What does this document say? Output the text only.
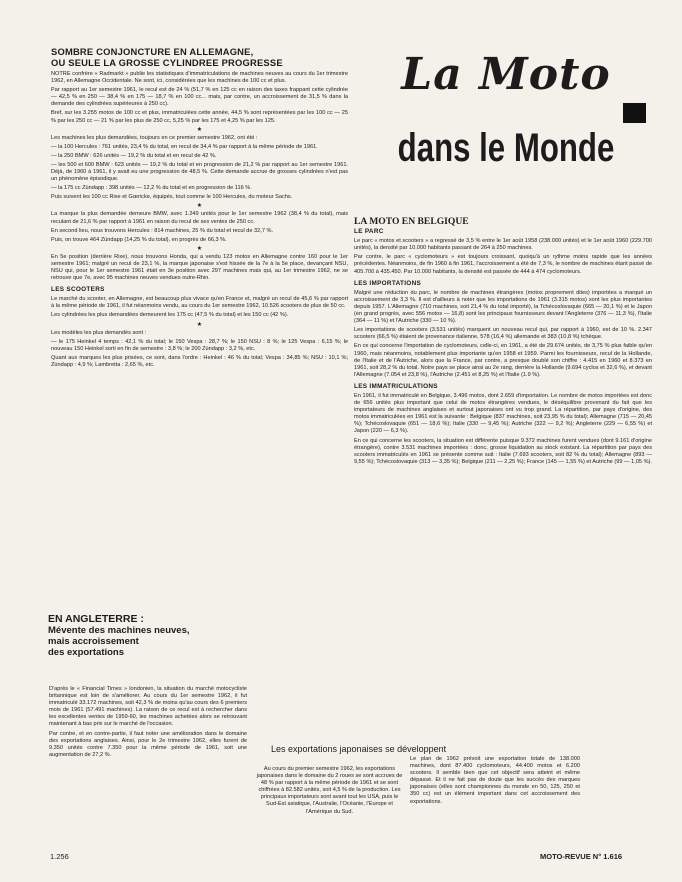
SOMBRE CONJONCTURE EN ALLEMAGNE,
OU SEULE LA GROSSE CYLINDREE PROGRESSE

NOTRE confrère « Radmarkt » publie les statistiques d'immatriculations de machines neuves au cours du 1er trimestre 1962, en Allemagne Occidentale. Ne sont, ici, considérées que les machines de 100 cc et plus.

Par rapport au 1er semestre 1961, le recul est de 24 % (51,7 % en 125 cc en raison des taxes frappant cette cylindrée — 42,5 % en 250 — 38,4 % en 175 — 18,7 % en 100 cc... mais, par contre, un accroissement de 31,5 % dans la demande des cylindrées supérieures à 250 cc).

Bref, sur les 3.255 motos de 100 cc et plus, immatriculées cette année, 44,5 % sont représentées par les 100 cc — 25 % par les 250 cc — 21 % par les plus de 250 cc, 5,25 % par les 175 et 4,25 % par les 125.

★

Les machines les plus demandées, toujours en ce premier semestre 1962, ont été :

— la 100 Hercules : 761 unités, 23,4 % du total, en recul de 34,4 % par rapport à la même période de 1961.

— la 250 BMW : 626 unités — 19,2 % du total et en recul de 42 %.

— les 500 et 600 BMW : 623 unités — 19,2 % du total et en progression de 21,2 % par rapport au 1er semestre 1961. Déjà, de 1960 à 1961, il y avait eu une progression de 48,5 %. Cette demande accrue de grosses cylindrées n'est pas un phénomène épisodique.

— la 175 cc Zündapp : 398 unités — 12,2 % du total et en progression de 116 %.

Puis suivent les 100 cc Rixe et Gœricke, équipés, tout comme le 100 Hercules, du moteur Sachs.

★

La marque la plus demandée demeure BMW, avec 1.249 unités pour le 1er semestre 1962 (38,4 % du total), mais reculant de 21,6 % par rapport à 1961 en raison du recul de ses ventes de 250 cc.

En second lieu, nous trouvons Hercules : 814 machines, 25 % du total et recul de 32,7 %.

Puis, on trouve 464 Zündapp (14,25 % du total), en progrès de 66,3 %.

★

En 5e position (derrière Rixe), nous trouvons Honda, qui a vendu 123 motos en Allemagne contre 160 pour le 1er semestre 1961; malgré un recul de 23,1 %, la marque japonaise s'est hissée de la 7e à la 5e place, devançant NSU, NSU qui, pour le 1er semestre 1961 était en 3e position avec 297 machines mais qui, au 1er trimestre 1962, ne se retrouve que 7e, avec 95 machines neuves vendues outre-Rhin.

LES SCOOTERS

Le marché du scooter, en Allemagne, est beaucoup plus vivace qu'en France et, malgré un recul de 45,6 % par rapport à la même période de 1961, il fut néanmoins vendu, au cours du 1er semestre 1962, 10.526 scooters de plus de 50 cc.

Les cylindrées les plus demandées demeurent les 175 cc (47,5 % du total) et les 150 cc (42 %).

★

Les modèles les plus demandés sont :

— le 175 Heinkel 4 temps : 42,1 % du total; le 150 Vespa : 28,7 %; le 150 NSU : 8 %; le 125 Vespa : 6,15 %; le nouveau 150 Heinkel sorti en fin de semestre : 3,8 %; le 200 Zündapp : 3,2 %, etc.

Quant aux marques les plus prisées, ce sont, dans l'ordre : Heinkel : 46 % du total; Vespa : 34,85 %; NSU : 10,1 %; Zündapp : 4,9 %; Lambretta : 2,65 %, etc.

EN ANGLETERRE :
Mévente des machines neuves,
mais accroissement
des exportations

D'après le « Financial Times » londonien, la situation du marché motocycliste britannique est loin de s'améliorer. Au cours du 1er semestre 1962, il fut immatriculé 33.172 machines, soit 42,3 % de moins qu'au cours des 6 premiers mois de 1961 (57.491 machines). La raison de ce recul est à rechercher dans les excellentes ventes de 1959-60, les machines achetées alors se retrouvant maintenant à bas prix sur le marché de l'occasion.

Par contre, et en contre-partie, il faut noter une amélioration dans le domaine des exportations anglaises. Ainsi, pour le 2e trimestre 1962, elles furent de 9.350 unités contre 7.350 pour la même période de 1961, soit une augmentation de 27,2 %.

La Moto
dans le Monde
LA MOTO EN BELGIQUE
LE PARC

Le parc « motos et scooters » a regressé de 3,5 % entre le 1er août 1958 (238.000 unités) et le 1er août 1960 (229.700 unités), la densité par 10.000 habitants passant de 264 à 250 machines.

Par contre, le parc « cyclomoteurs » est toujours croissant, quoiqu'à un rythme moins rapide que les années précédentes. Néanmoins, de fin 1960 à fin 1961, l'accroissement a été de 7,3 %, le nombre de machines étant passé de 405.700 à 435.450. Par 10.000 habitants, la densité est passée de 444 à 474 cyclomoteurs.

LES IMPORTATIONS

Malgré une réduction du parc, le nombre de machines étrangères (motos proprement dites) importées a marqué un accroissement de 3,3 %. Il est d'ailleurs à noter que les importations de 1961 (3.315 motos) sont les plus importantes depuis 1957. L'Allemagne (710 machines, soit 21,4 % du total importé), la Tchécoslovaquie (665 — 20,1 %) et le Japon (en grand progrès, avec 556 motos — 16,8) sont les principaux fournisseurs devant l'Angleterre (376 — 11,3 %), l'Italie (364 — 11 %) et l'Autriche (330 — 10 %).

Les importations de scooters (3.531 unités) marquent un nouveau recul qui, par rapport à 1960, est de 10 %. 2.347 scooters (66,5 %) étaient de provenance italienne, 578 (16,4 %) allemande et 383 (10,8 %) tchèque.

En ce qui concerne l'importation de cyclomoteurs, celle-ci, en 1961, a été de 29.674 unités, de 3,75 % plus faible qu'en 1960, mais néanmoins, notablement plus importante qu'en 1958 et 1959. Parmi les fournisseurs, recul de la Hollande, de l'Italie et de l'Autriche, alors que la France, par contre, a presque doublé son chiffre : 4.415 en 1960 et 8.373 en 1961, soit 28,2 % du total. Notre pays se place ainsi au 2e rang, derrière la Hollande (9.694 cyclos et 32,6 %), et devant l'Allemagne (7.054 et 23,8 %), l'Autriche (2.451 et 8,25 %) et l'Italie (1.9 %).

LES IMMATRICULATIONS

En 1961, il fut immatriculé en Belgique, 3.496 motos, dont 2.659 d'importation. Le nombre de motos importées est donc de 656 unités plus important que celui de motos étrangères vendues, le déséquilibre provenant du fait que les importateurs de machines anglaises et surtout japonaises ont vu trop grand. La répartition, par pays d'origine, des motos immatriculées en 1961 est la suivante : Belgique (837 machines, soit 23,95 % du total); Allemagne (715 — 20,45 %); Tchécoslovaquie (651 — 18,6 %); Italie (330 — 9,45 %); Autriche (322 — 9,2 %); Angleterre (229 — 6,55 %) et Japon (220 — 6,3 %).

En ce qui concerne les scooters, la situation est différente puisque 9.372 machines furent vendues (dont 9.161 d'origine étrangère), contre 3.531 machines importées : donc, grosse liquidation au stock existant. La répartition par pays des scooters immatriculés en 1961 se présente comme suit : Italie (7.693 scooters, soit 82 % du total); Allemagne (893 — 9,55 %); Tchécoslovaquie (313 — 3,35 %); Belgique (211 — 2,25 %); France (145 — 1,55 %) et Autriche (99 — 1,05 %).

Les exportations japonaises se développent
Au cours du premier semestre 1962, les exportations japonaises dans le domaine du 2 roues se sont accrues de 48 % par rapport à la même période de 1961 et se sont chiffrées à 82.582 unités, soit 4,5 % de la production. Les principaux importateurs sont avant tout les USA, puis le Sud-Est asiatique, l'Australie, l'Océanie, l'Europe et l'Amérique du Sud.
Le plan de 1962 prévoit une exportation totale de 138.000 machines, dont 87.400 cyclomoteurs, 44.400 motos et 6.200 scooters. Il semble bien que cet objectif sera atteint et même dépassé. Et il ne fait pas de doute que les succès des marques japonaises (elles sont championnes du monde en 50, 125, 250 et 350 cc) est un élément important dans cet accroissement des exportations.
1.256	MOTO-REVUE N° 1.616
